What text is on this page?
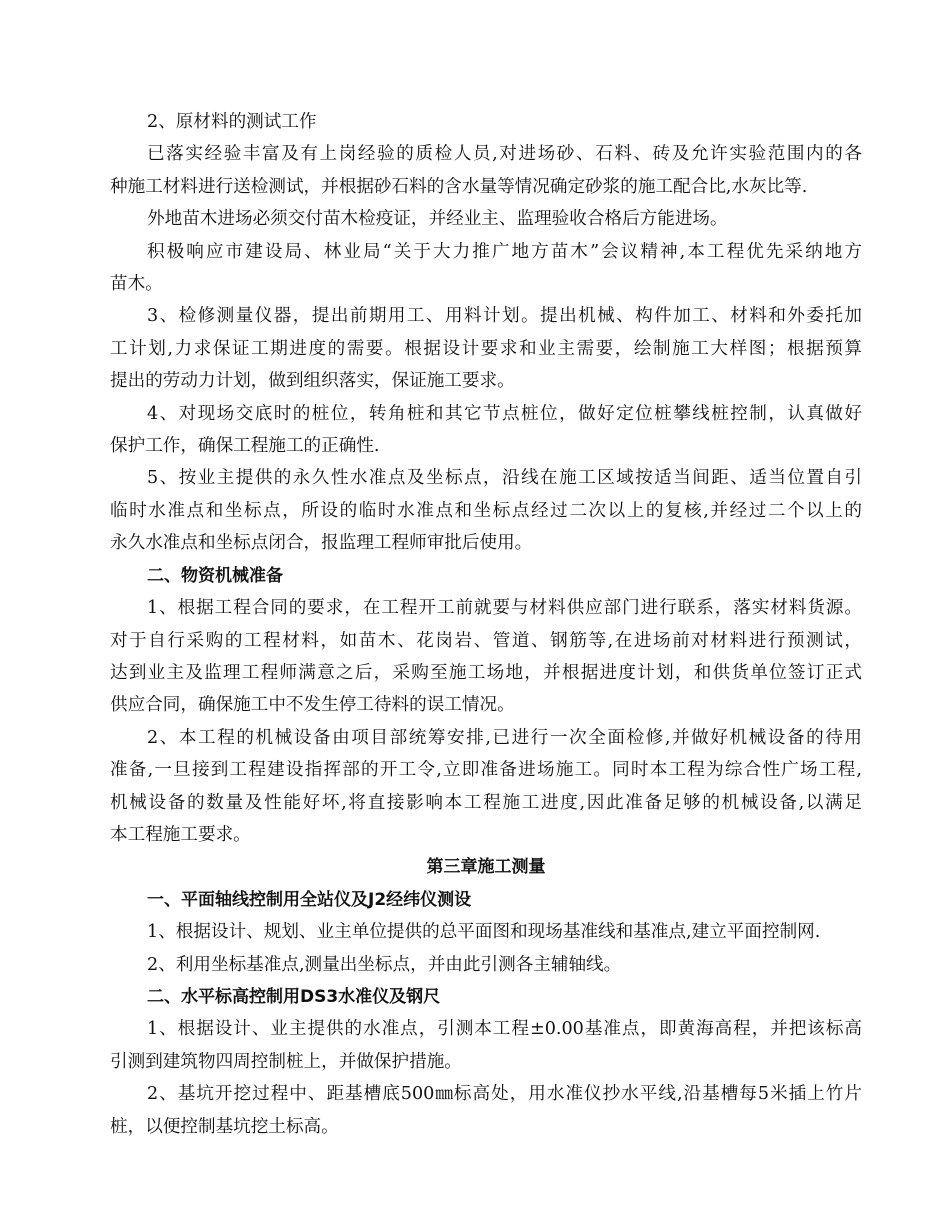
2、原材料的测试工作

已落实经验丰富及有上岗经验的质检人员,对进场砂、石料、砖及允许实验范围内的各
种施工材料进行送检测试，并根据砂石料的含水量等情况确定砂浆的施工配合比,水灰比等.

外地苗木进场必须交付苗木检疫证，并经业主、监理验收合格后方能进场。

积极响应市建设局、林业局“关于大力推广地方苗木”会议精神,本工程优先采纳地方
苗木。

3、检修测量仪器，提出前期用工、用料计划。提出机械、构件加工、材料和外委托加
工计划,力求保证工期进度的需要。根据设计要求和业主需要，绘制施工大样图；根据预算
提出的劳动力计划，做到组织落实，保证施工要求。

4、对现场交底时的桩位，转角桩和其它节点桩位，做好定位桩攀线桩控制，认真做好
保护工作，确保工程施工的正确性.

5、按业主提供的永久性水准点及坐标点，沿线在施工区域按适当间距、适当位置自引
临时水准点和坐标点，所设的临时水准点和坐标点经过二次以上的复核,并经过二个以上的
永久水准点和坐标点闭合，报监理工程师审批后使用。

二、物资机械准备

1、根据工程合同的要求，在工程开工前就要与材料供应部门进行联系，落实材料货源。
对于自行采购的工程材料，如苗木、花岗岩、管道、钢筋等,在进场前对材料进行预测试，
达到业主及监理工程师满意之后，采购至施工场地，并根据进度计划，和供货单位签订正式
供应合同，确保施工中不发生停工待料的误工情况。

2、本工程的机械设备由项目部统筹安排,已进行一次全面检修,并做好机械设备的待用
准备,一旦接到工程建设指挥部的开工令,立即准备进场施工。同时本工程为综合性广场工程,
机械设备的数量及性能好坏,将直接影响本工程施工进度,因此准备足够的机械设备,以满足
本工程施工要求。

第三章施工测量

一、平面轴线控制用全站仪及J2经纬仪测设

1、根据设计、规划、业主单位提供的总平面图和现场基准线和基准点,建立平面控制网.

2、利用坐标基准点,测量出坐标点，并由此引测各主辅轴线。

二、水平标高控制用DS3水准仪及钢尺

1、根据设计、业主提供的水准点，引测本工程±0.00基准点，即黄海高程，并把该标高
引测到建筑物四周控制桩上，并做保护措施。

2、基坑开挖过程中、距基槽底500㎜标高处，用水准仪抄水平线,沿基槽每5米插上竹片
桩，以便控制基坑挖土标高。
